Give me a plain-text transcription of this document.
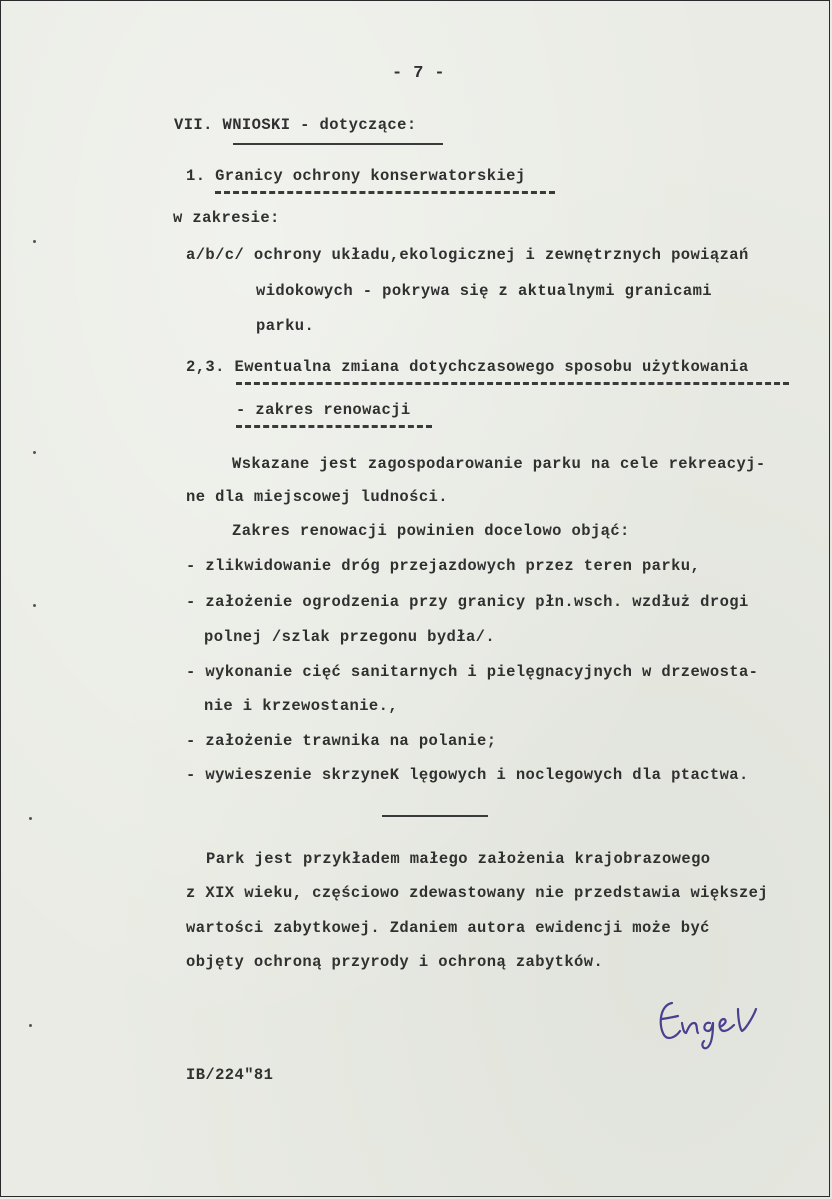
- 7 -
VII. WNIOSKI - dotyczące:
1. Granicy ochrony konserwatorskiej
w zakresie:
a/b/c/ ochrony układu,ekologicznej i zewnętrznych powiązań
widokowych - pokrywa się z aktualnymi granicami
parku.
2,3. Ewentualna zmiana dotychczasowego sposobu użytkowania
- zakres renowacji
Wskazane jest zagospodarowanie parku na cele rekreacyj-
ne dla miejscowej ludności.
Zakres renowacji powinien docelowo objąć:
- zlikwidowanie dróg przejazdowych przez teren parku,
- założenie ogrodzenia przy granicy płn.wsch. wzdłuż drogi
polnej /szlak przegonu bydła/.
- wykonanie cięć sanitarnych i pielęgnacyjnych w drzewosta-
nie i krzewostanie.,
- założenie trawnika na polanie;
- wywieszenie skrzyneK lęgowych i noclegowych dla ptactwa.
Park jest przykładem małego założenia krajobrazowego
z XIX wieku, częściowo zdewastowany nie przedstawia większej
wartości zabytkowej. Zdaniem autora ewidencji może być
objęty ochroną przyrody i ochroną zabytków.
IB/224"81
